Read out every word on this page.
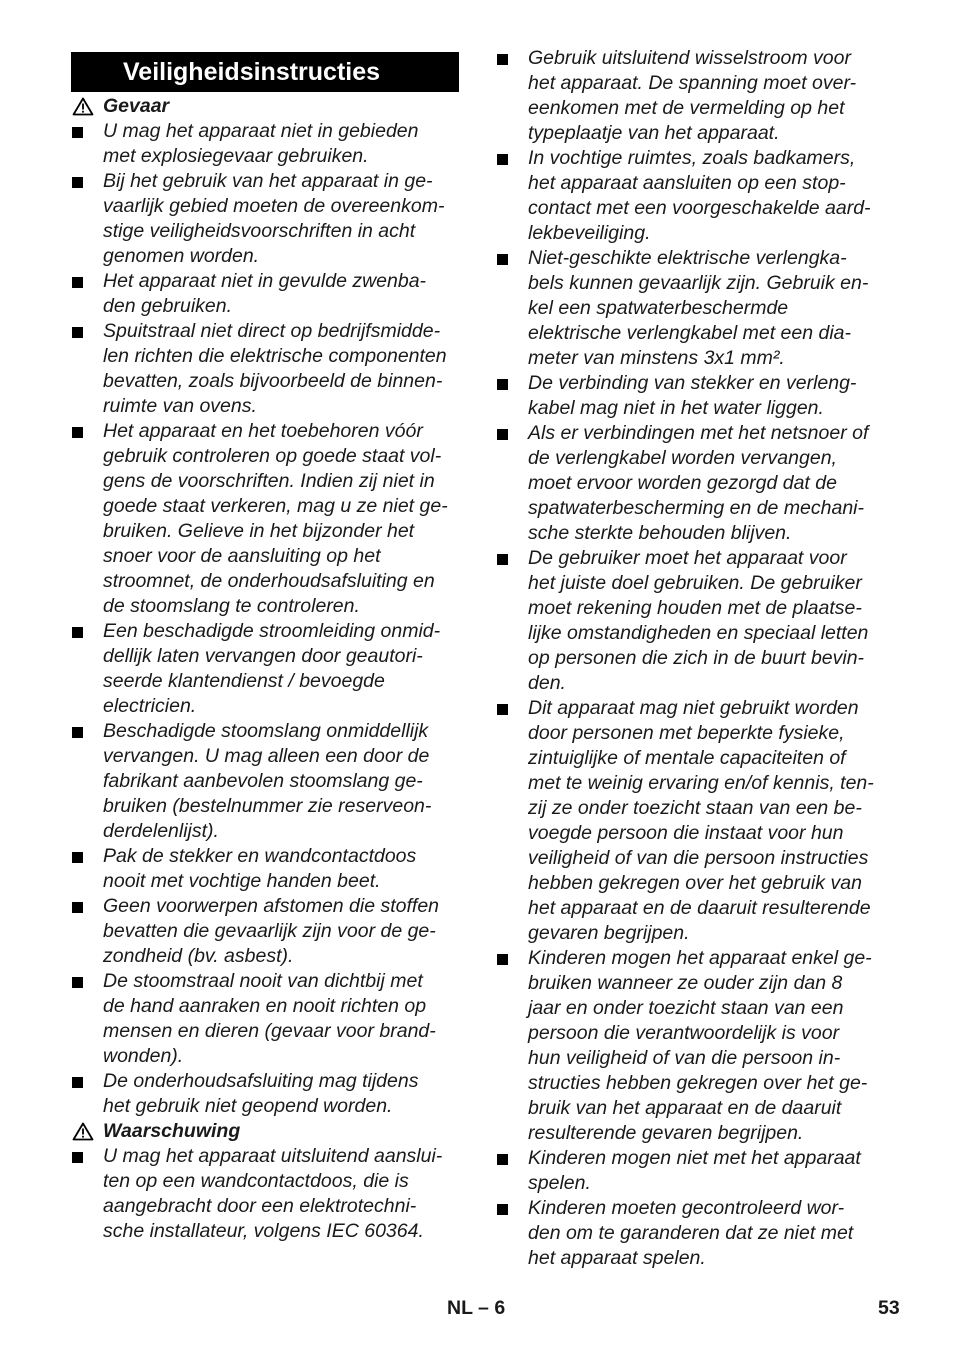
Veiligheidsinstructies
Gevaar
U mag het apparaat niet in gebieden
met explosiegevaar gebruiken.
Bij het gebruik van het apparaat in ge-
vaarlijk gebied moeten de overeenkom-
stige veiligheidsvoorschriften in acht
genomen worden.
Het apparaat niet in gevulde zwenba-
den gebruiken.
Spuitstraal niet direct op bedrijfsmidde-
len richten die elektrische componenten
bevatten, zoals bijvoorbeeld de binnen-
ruimte van ovens.
Het apparaat en het toebehoren vóór
gebruik controleren op goede staat vol-
gens de voorschriften. Indien zij niet in
goede staat verkeren, mag u ze niet ge-
bruiken. Gelieve in het bijzonder het
snoer voor de aansluiting op het
stroomnet, de onderhoudsafsluiting en
de stoomslang te controleren.
Een beschadigde stroomleiding onmid-
dellijk laten vervangen door geautori-
seerde klantendienst / bevoegde
electricien.
Beschadigde stoomslang onmiddellijk
vervangen. U mag alleen een door de
fabrikant aanbevolen stoomslang ge-
bruiken (bestelnummer zie reserveon-
derdelenlijst).
Pak de stekker en wandcontactdoos
nooit met vochtige handen beet.
Geen voorwerpen afstomen die stoffen
bevatten die gevaarlijk zijn voor de ge-
zondheid (bv. asbest).
De stoomstraal nooit van dichtbij met
de hand aanraken en nooit richten op
mensen en dieren (gevaar voor brand-
wonden).
De onderhoudsafsluiting mag tijdens
het gebruik niet geopend worden.
Waarschuwing
U mag het apparaat uitsluitend aanslui-
ten op een wandcontactdoos, die is
aangebracht door een elektrotechni-
sche installateur, volgens IEC 60364.
Gebruik uitsluitend wisselstroom voor
het apparaat. De spanning moet over-
eenkomen met de vermelding op het
typeplaatje van het apparaat.
In vochtige ruimtes, zoals badkamers,
het apparaat aansluiten op een stop-
contact met een voorgeschakelde aard-
lekbeveiliging.
Niet-geschikte elektrische verlengka-
bels kunnen gevaarlijk zijn. Gebruik en-
kel een spatwaterbeschermde
elektrische verlengkabel met een dia-
meter van minstens 3x1 mm².
De verbinding van stekker en verleng-
kabel mag niet in het water liggen.
Als er verbindingen met het netsnoer of
de verlengkabel worden vervangen,
moet ervoor worden gezorgd dat de
spatwaterbescherming en de mechani-
sche sterkte behouden blijven.
De gebruiker moet het apparaat voor
het juiste doel gebruiken. De gebruiker
moet rekening houden met de plaatse-
lijke omstandigheden en speciaal letten
op personen die zich in de buurt bevin-
den.
Dit apparaat mag niet gebruikt worden
door personen met beperkte fysieke,
zintuiglijke of mentale capaciteiten of
met te weinig ervaring en/of kennis, ten-
zij ze onder toezicht staan van een be-
voegde persoon die instaat voor hun
veiligheid of van die persoon instructies
hebben gekregen over het gebruik van
het apparaat en de daaruit resulterende
gevaren begrijpen.
Kinderen mogen het apparaat enkel ge-
bruiken wanneer ze ouder zijn dan 8
jaar en onder toezicht staan van een
persoon die verantwoordelijk is voor
hun veiligheid of van die persoon in-
structies hebben gekregen over het ge-
bruik van het apparaat en de daaruit
resulterende gevaren begrijpen.
Kinderen mogen niet met het apparaat
spelen.
Kinderen moeten gecontroleerd wor-
den om te garanderen dat ze niet met
het apparaat spelen.
NL – 6	53
